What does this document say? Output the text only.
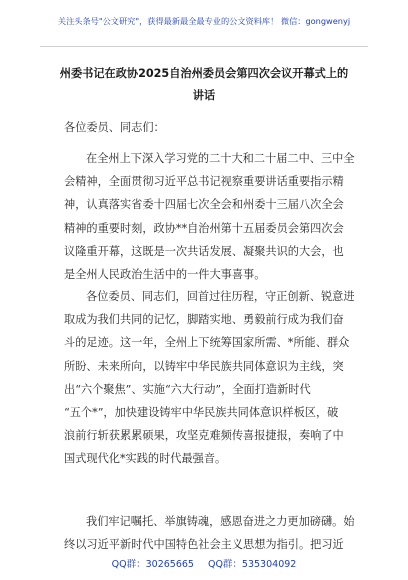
关注头条号"公文研究"，获得最新最全最专业的公文资料库！ 微信：gongwenyj
州委书记在政协2025自治州委员会第四次会议开幕式上的
讲话
各位委员、同志们：
在全州上下深入学习党的二十大和二十届二中、三中全
会精神，全面贯彻习近平总书记视察重要讲话重要指示精
神，认真落实省委十四届七次全会和州委十三届八次全会
精神的重要时刻，政协**自治州第十五届委员会第四次会
议隆重开幕，这既是一次共话发展、凝聚共识的大会，也
是全州人民政治生活中的一件大事喜事。
各位委员、同志们，回首过往历程，守正创新、锐意进
取成为我们共同的记忆，脚踏实地、勇毅前行成为我们奋
斗的足迹。这一年，全州上下统筹国家所需、*所能、群众
所盼、未来所向，以铸牢中华民族共同体意识为主线，突
出“六个聚焦”、实施“六大行动”，全面打造新时代
“五个*”，加快建设铸牢中华民族共同体意识样板区，破
浪前行斩获累累硕果，攻坚克难频传喜报捷报，奏响了中
国式现代化*实践的时代最强音。
我们牢记嘱托、举旗铸魂，感恩奋进之力更加磅礴。始
终以习近平新时代中国特色社会主义思想为指引。把习近
QQ群：30265665 QQ群：535304092
